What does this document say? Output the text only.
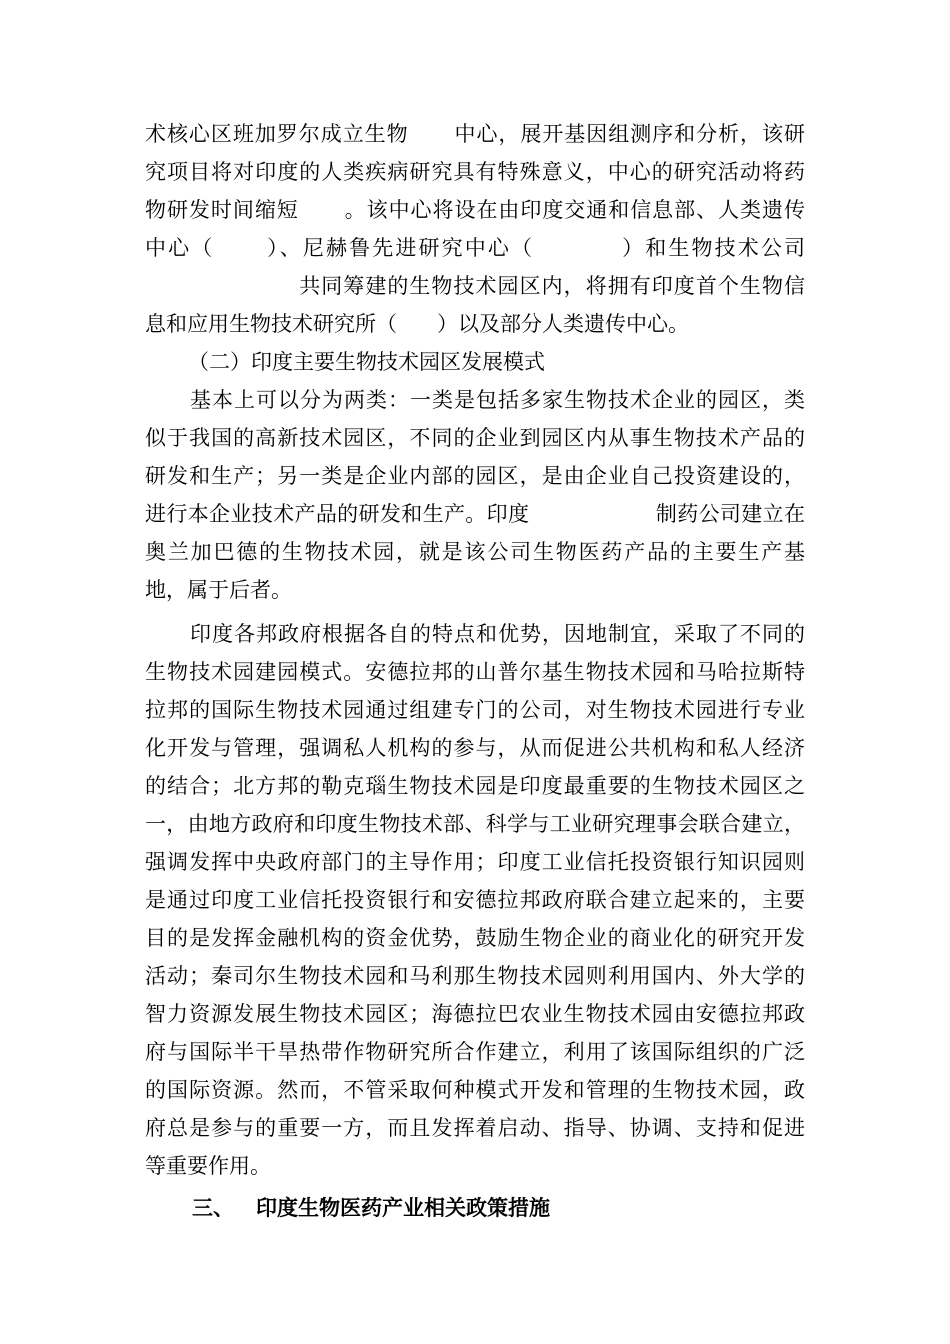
术核心区班加罗尔成立生物      中心，展开基因组测序和分析，该研
究项目将对印度的人类疾病研究具有特殊意义，中心的研究活动将药
物研发时间缩短      。该中心将设在由印度交通和信息部、人类遗传
中心（      ）、尼赫鲁先进研究中心（          ）和生物技术公司
共同筹建的生物技术园区内，将拥有印度首个生物信
息和应用生物技术研究所（      ）以及部分人类遗传中心。
（二）印度主要生物技术园区发展模式
基本上可以分为两类：一类是包括多家生物技术企业的园区，类
似于我国的高新技术园区，不同的企业到园区内从事生物技术产品的
研发和生产；另一类是企业内部的园区，是由企业自己投资建设的，
进行本企业技术产品的研发和生产。印度                  制药公司建立在
奥兰加巴德的生物技术园，就是该公司生物医药产品的主要生产基
地，属于后者。
印度各邦政府根据各自的特点和优势，因地制宜，采取了不同的
生物技术园建园模式。安德拉邦的山普尔基生物技术园和马哈拉斯特
拉邦的国际生物技术园通过组建专门的公司，对生物技术园进行专业
化开发与管理，强调私人机构的参与，从而促进公共机构和私人经济
的结合；北方邦的勒克瑙生物技术园是印度最重要的生物技术园区之
一，由地方政府和印度生物技术部、科学与工业研究理事会联合建立，
强调发挥中央政府部门的主导作用；印度工业信托投资银行知识园则
是通过印度工业信托投资银行和安德拉邦政府联合建立起来的，主要
目的是发挥金融机构的资金优势，鼓励生物企业的商业化的研究开发
活动；秦司尔生物技术园和马利那生物技术园则利用国内、外大学的
智力资源发展生物技术园区；海德拉巴农业生物技术园由安德拉邦政
府与国际半干旱热带作物研究所合作建立，利用了该国际组织的广泛
的国际资源。然而，不管采取何种模式开发和管理的生物技术园，政
府总是参与的重要一方，而且发挥着启动、指导、协调、支持和促进
等重要作用。
三、 印度生物医药产业相关政策措施
